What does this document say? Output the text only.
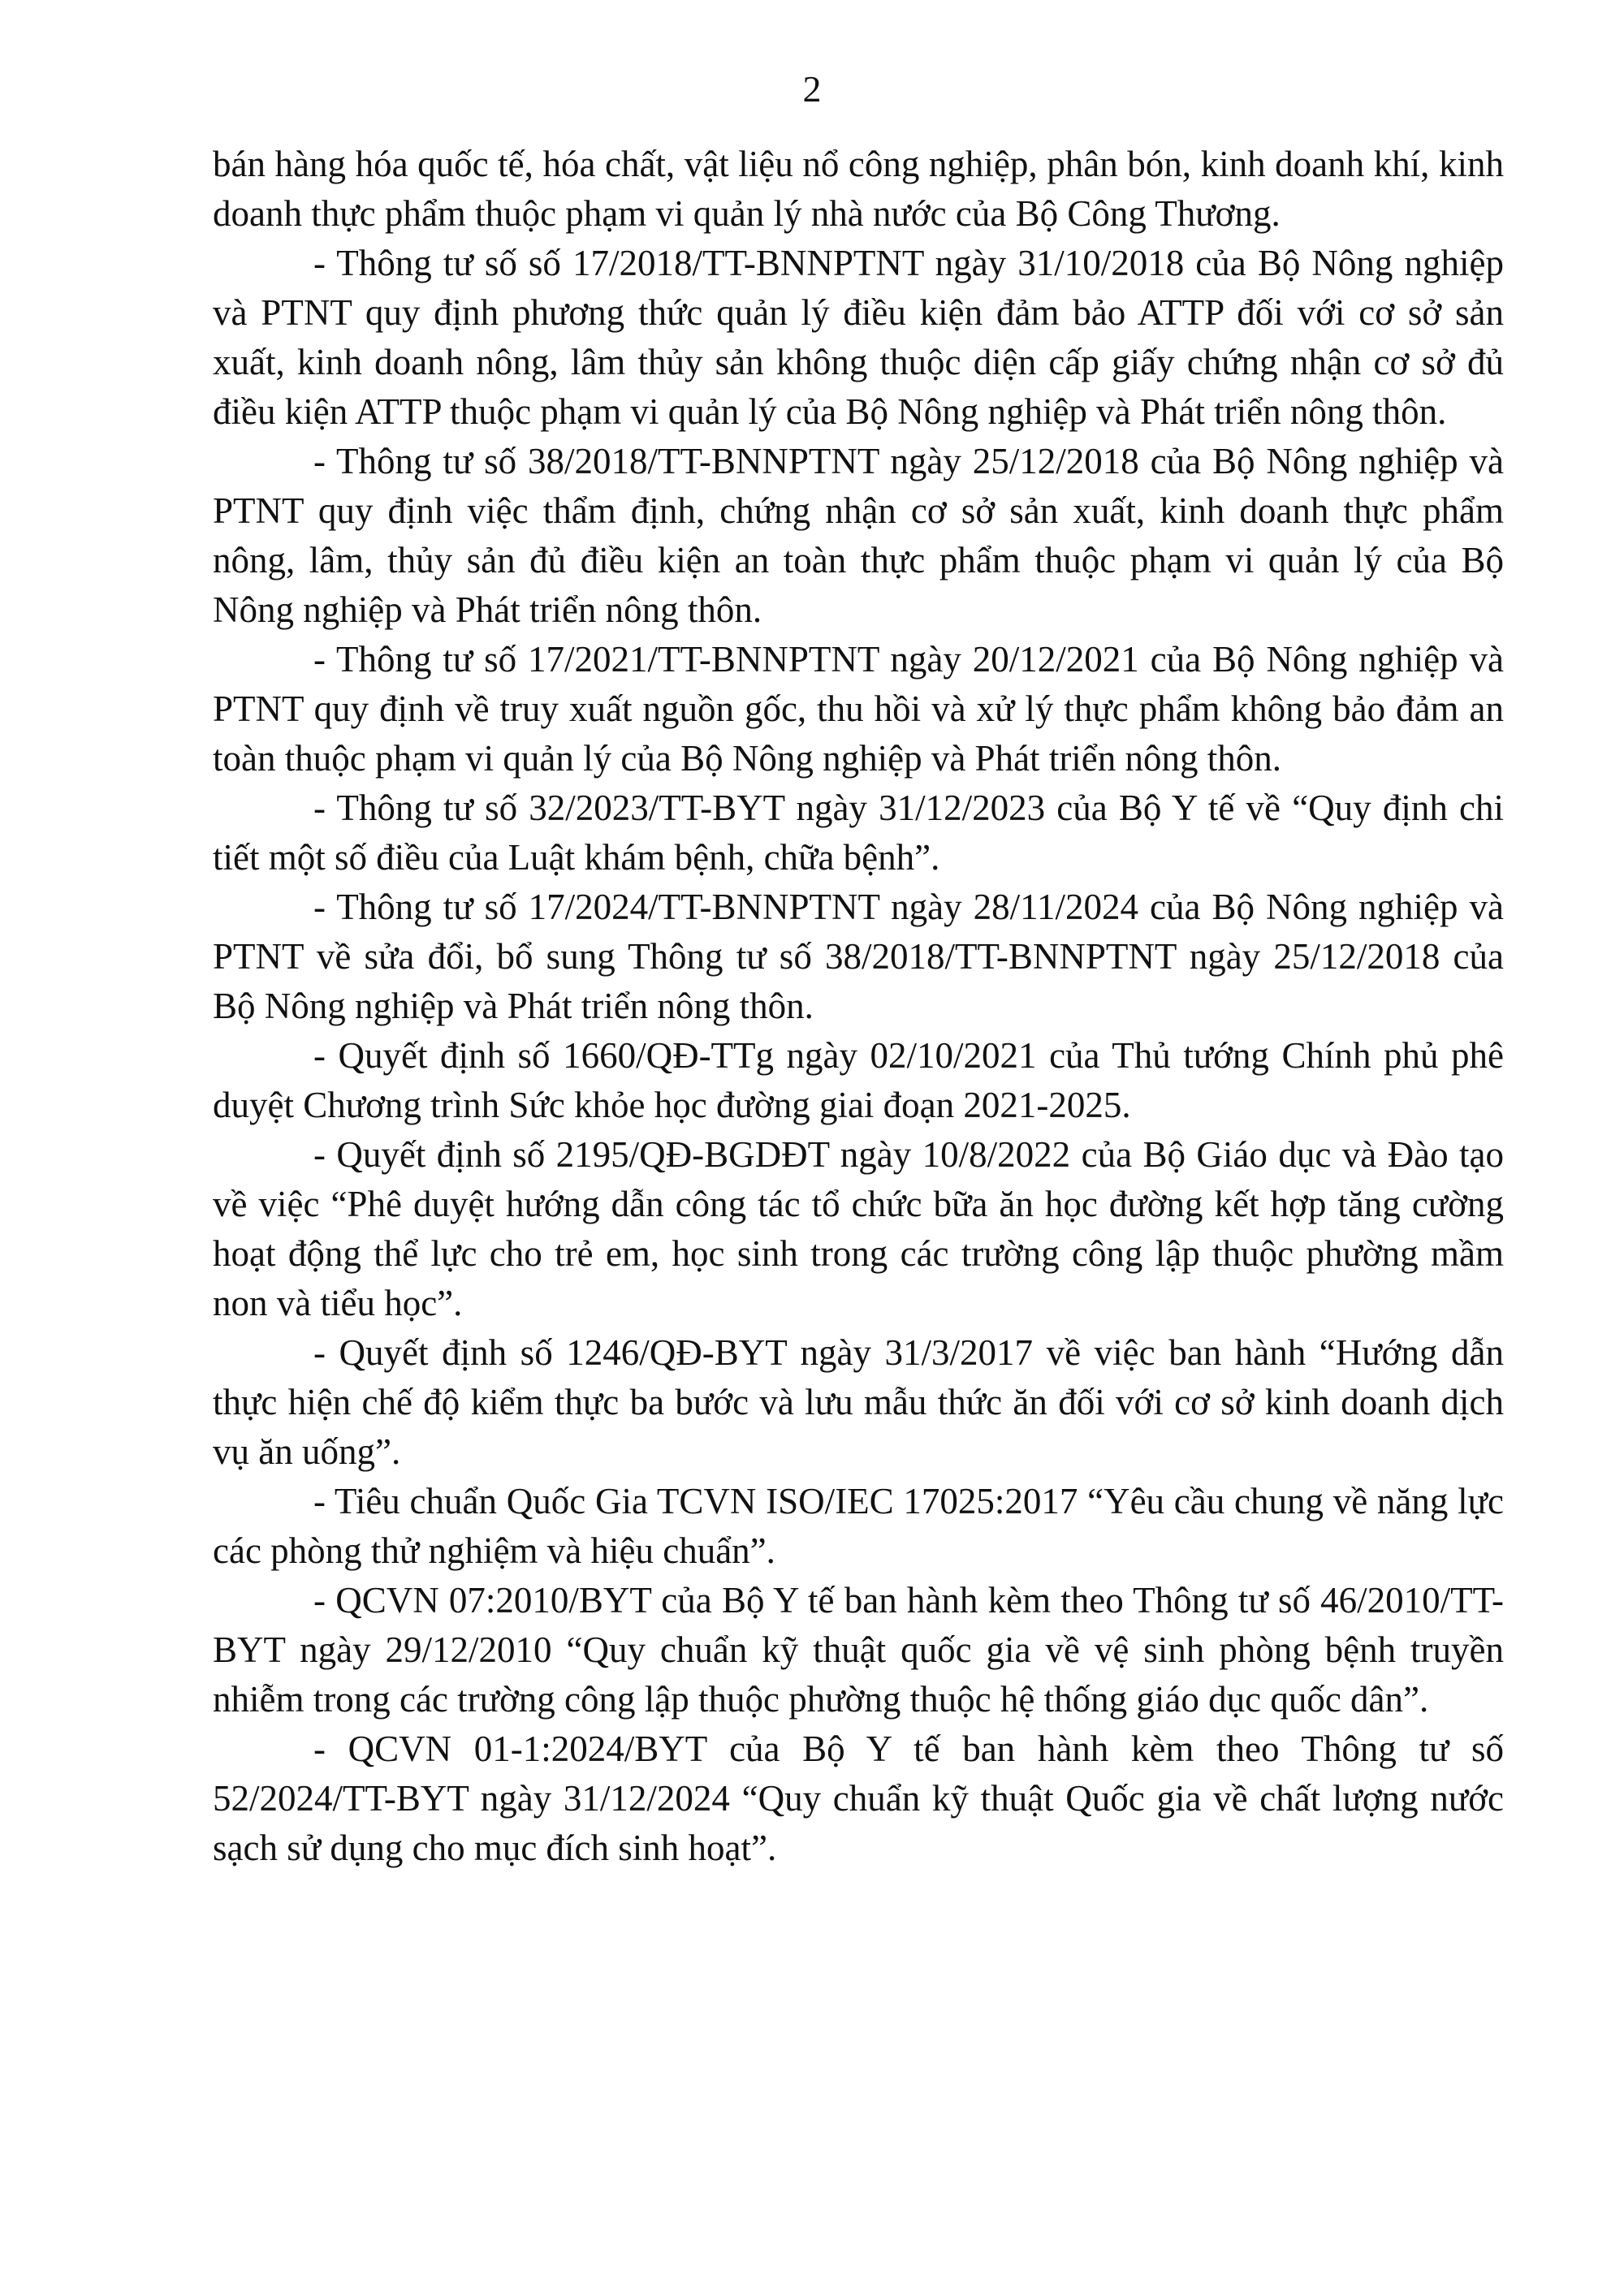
2

bán hàng hóa quốc tế, hóa chất, vật liệu nổ công nghiệp, phân bón, kinh doanh khí, kinh doanh thực phẩm thuộc phạm vi quản lý nhà nước của Bộ Công Thương.

- Thông tư số số 17/2018/TT-BNNPTNT ngày 31/10/2018 của Bộ Nông nghiệp và PTNT quy định phương thức quản lý điều kiện đảm bảo ATTP đối với cơ sở sản xuất, kinh doanh nông, lâm thủy sản không thuộc diện cấp giấy chứng nhận cơ sở đủ điều kiện ATTP thuộc phạm vi quản lý của Bộ Nông nghiệp và Phát triển nông thôn.

- Thông tư số 38/2018/TT-BNNPTNT ngày 25/12/2018 của Bộ Nông nghiệp và PTNT quy định việc thẩm định, chứng nhận cơ sở sản xuất, kinh doanh thực phẩm nông, lâm, thủy sản đủ điều kiện an toàn thực phẩm thuộc phạm vi quản lý của Bộ Nông nghiệp và Phát triển nông thôn.

- Thông tư số 17/2021/TT-BNNPTNT ngày 20/12/2021 của Bộ Nông nghiệp và PTNT quy định về truy xuất nguồn gốc, thu hồi và xử lý thực phẩm không bảo đảm an toàn thuộc phạm vi quản lý của Bộ Nông nghiệp và Phát triển nông thôn.

- Thông tư số 32/2023/TT-BYT ngày 31/12/2023 của Bộ Y tế về “Quy định chi tiết một số điều của Luật khám bệnh, chữa bệnh”.

- Thông tư số 17/2024/TT-BNNPTNT ngày 28/11/2024 của Bộ Nông nghiệp và PTNT về sửa đổi, bổ sung Thông tư số 38/2018/TT-BNNPTNT ngày 25/12/2018 của Bộ Nông nghiệp và Phát triển nông thôn.

- Quyết định số 1660/QĐ-TTg ngày 02/10/2021 của Thủ tướng Chính phủ phê duyệt Chương trình Sức khỏe học đường giai đoạn 2021-2025.

- Quyết định số 2195/QĐ-BGDĐT ngày 10/8/2022 của Bộ Giáo dục và Đào tạo về việc “Phê duyệt hướng dẫn công tác tổ chức bữa ăn học đường kết hợp tăng cường hoạt động thể lực cho trẻ em, học sinh trong các trường công lập thuộc phường mầm non và tiểu học”.

- Quyết định số 1246/QĐ-BYT ngày 31/3/2017 về việc ban hành “Hướng dẫn thực hiện chế độ kiểm thực ba bước và lưu mẫu thức ăn đối với cơ sở kinh doanh dịch vụ ăn uống”.

- Tiêu chuẩn Quốc Gia TCVN ISO/IEC 17025:2017 “Yêu cầu chung về năng lực các phòng thử nghiệm và hiệu chuẩn”.

- QCVN 07:2010/BYT của Bộ Y tế ban hành kèm theo Thông tư số 46/2010/TT-BYT ngày 29/12/2010 “Quy chuẩn kỹ thuật quốc gia về vệ sinh phòng bệnh truyền nhiễm trong các trường công lập thuộc phường thuộc hệ thống giáo dục quốc dân”.

- QCVN 01-1:2024/BYT của Bộ Y tế ban hành kèm theo Thông tư số 52/2024/TT-BYT ngày 31/12/2024 “Quy chuẩn kỹ thuật Quốc gia về chất lượng nước sạch sử dụng cho mục đích sinh hoạt”.
